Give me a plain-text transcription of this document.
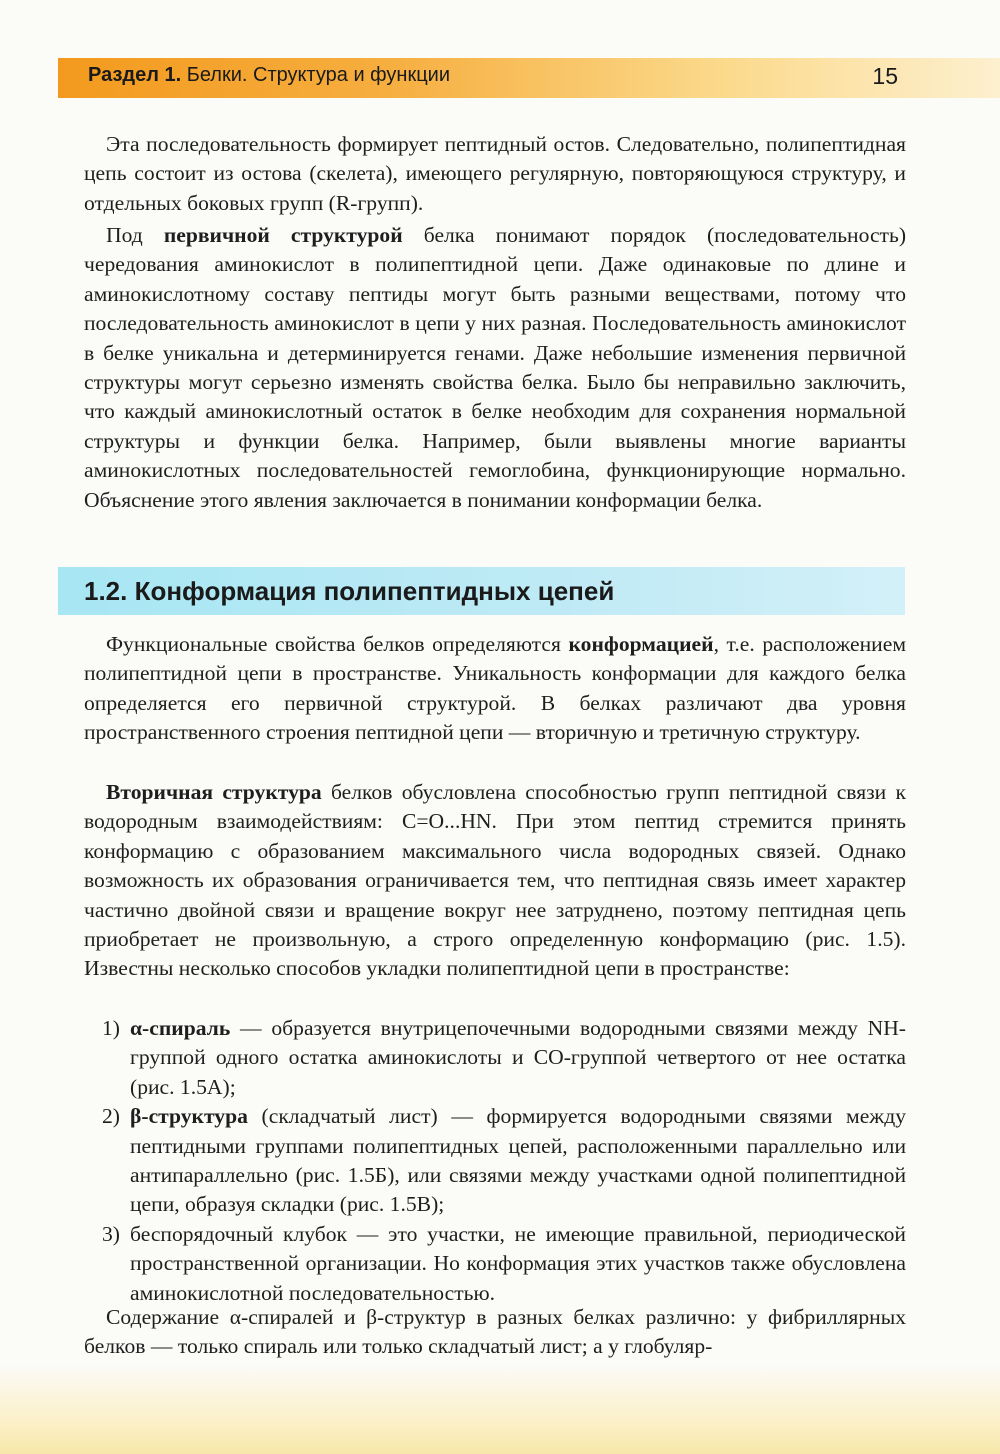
Раздел 1. Белки. Структура и функции	15

Эта последовательность формирует пептидный остов. Следовательно, полипептидная цепь состоит из остова (скелета), имеющего регулярную, повторяющуюся структуру, и отдельных боковых групп (R-групп).

Под первичной структурой белка понимают порядок (последовательность) чередования аминокислот в полипептидной цепи. Даже одинаковые по длине и аминокислотному составу пептиды могут быть разными веществами, потому что последовательность аминокислот в цепи у них разная. Последовательность аминокислот в белке уникальна и детерминируется генами. Даже небольшие изменения первичной структуры могут серьезно изменять свойства белка. Было бы неправильно заключить, что каждый аминокислотный остаток в белке необходим для сохранения нормальной структуры и функции белка. Например, были выявлены многие варианты аминокислотных последовательностей гемоглобина, функционирующие нормально. Объяснение этого явления заключается в понимании конформации белка.

1.2. Конформация полипептидных цепей

Функциональные свойства белков определяются конформацией, т.е. расположением полипептидной цепи в пространстве. Уникальность конформации для каждого белка определяется его первичной структурой. В белках различают два уровня пространственного строения пептидной цепи — вторичную и третичную структуру.

Вторичная структура белков обусловлена способностью групп пептидной связи к водородным взаимодействиям: C=O...HN. При этом пептид стремится принять конформацию с образованием максимального числа водородных связей. Однако возможность их образования ограничивается тем, что пептидная связь имеет характер частично двойной связи и вращение вокруг нее затруднено, поэтому пептидная цепь приобретает не произвольную, а строго определенную конформацию (рис. 1.5). Известны несколько способов укладки полипептидной цепи в пространстве:

1) α-спираль — образуется внутрицепочечными водородными связями между NH-группой одного остатка аминокислоты и CO-группой четвертого от нее остатка (рис. 1.5А);
2) β-структура (складчатый лист) — формируется водородными связями между пептидными группами полипептидных цепей, расположенными параллельно или антипараллельно (рис. 1.5Б), или связями между участками одной полипептидной цепи, образуя складки (рис. 1.5В);
3) беспорядочный клубок — это участки, не имеющие правильной, периодической пространственной организации. Но конформация этих участков также обусловлена аминокислотной последовательностью.

Содержание α-спиралей и β-структур в разных белках различно: у фибриллярных белков — только спираль или только складчатый лист; а у глобуляр-
